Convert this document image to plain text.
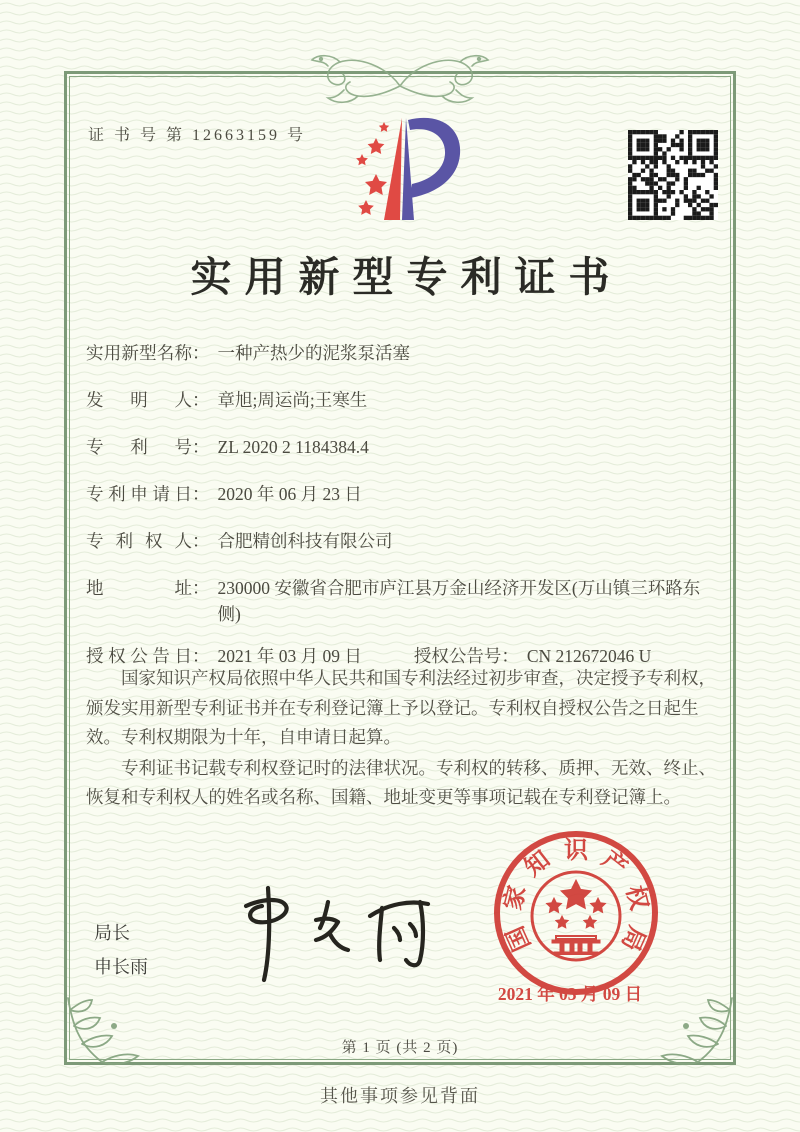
证 书 号 第 12663159 号
实用新型专利证书
实用新型名称 ： 一种产热少的泥浆泵活塞
发明人 ： 章旭;周运尚;王寒生
专利号 ： ZL 2020 2 1184384.4
专利申请日 ： 2020 年 06 月 23 日
专利权人 ： 合肥精创科技有限公司
地址 ： 230000 安徽省合肥市庐江县万金山经济开发区(万山镇三环路东侧)
授权公告日 ： 2021 年 03 月 09 日	授权公告号 ： CN 212672046 U

国家知识产权局依照中华人民共和国专利法经过初步审查，决定授予专利权，颁发实用新型专利证书并在专利登记簿上予以登记。专利权自授权公告之日起生效。专利权期限为十年，自申请日起算。

专利证书记载专利权登记时的法律状况。专利权的转移、质押、无效、终止、恢复和专利权人的姓名或名称、国籍、地址变更等事项记载在专利登记簿上。

局长
申长雨
国
家
知 识 产
权
局
2021 年 03 月 09 日
第 1 页 (共 2 页)
其他事项参见背面
